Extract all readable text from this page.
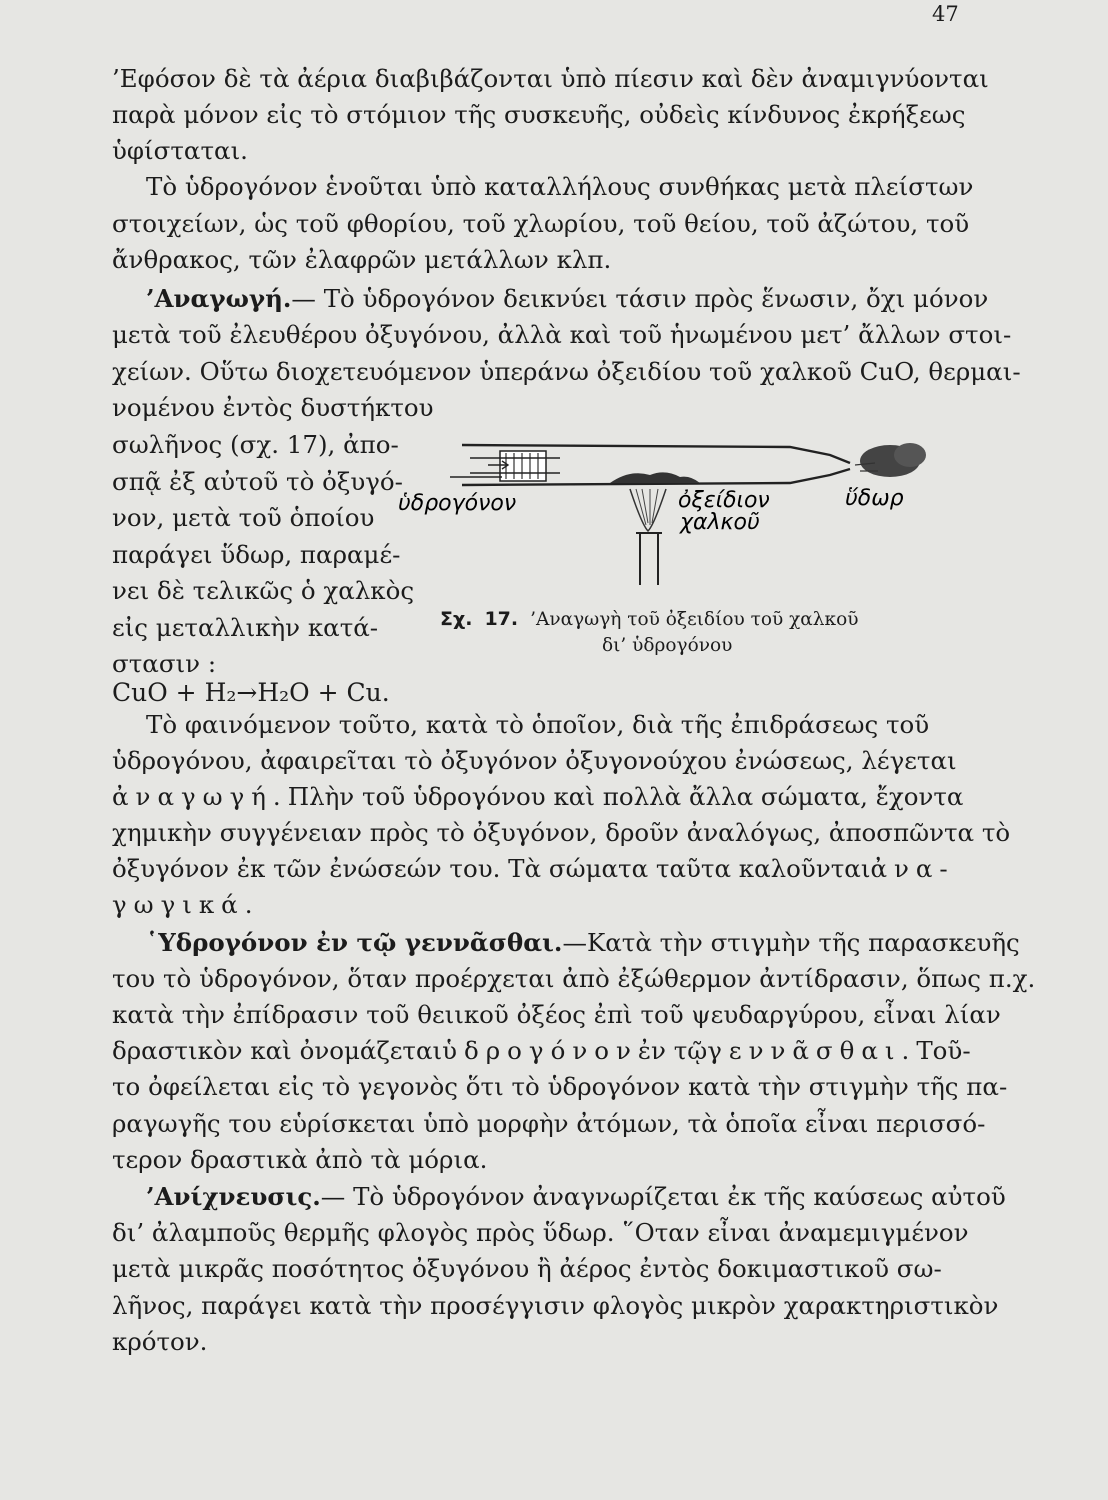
47
’Εφόσον δὲ τὰ ἀέρια διαβιβάζονται ὑπὸ πίεσιν καὶ δὲν ἀναμιγνύονται
παρὰ μόνον εἰς τὸ στόμιον τῆς συσκευῆς, οὐδεὶς κίνδυνος ἐκρήξεως
ὑφίσταται.
Τὸ ὑδρογόνον ἑνοῦται ὑπὸ καταλλήλους συνθήκας μετὰ πλείστων
στοιχείων, ὡς τοῦ φθορίου, τοῦ χλωρίου, τοῦ θείου, τοῦ ἀζώτου, τοῦ
ἄνθρακος, τῶν ἐλαφρῶν μετάλλων κλπ.
’Αναγωγή.— Τὸ ὑδρογόνον δεικνύει τάσιν πρὸς ἕνωσιν, ὄχι μόνον
μετὰ τοῦ ἐλευθέρου ὀξυγόνου, ἀλλὰ καὶ τοῦ ἡνωμένου μετ’ ἄλλων στοι-
χείων. Οὕτω διοχετευόμενον ὑπεράνω ὀξειδίου τοῦ χαλκοῦ CuO, θερμαι-
νομένου ἐντὸς δυστήκτου
σωλῆνος (σχ. 17), ἀπο-
σπᾷ ἐξ αὐτοῦ τὸ ὀξυγό-
νον, μετὰ τοῦ ὁποίου
παράγει ὕδωρ, παραμέ-
νει δὲ τελικῶς ὁ χαλκὸς
εἰς μεταλλικὴν κατά-
στασιν :
CuO + H₂→H₂O + Cu.
Τὸ φαινόμενον τοῦτο, κατὰ τὸ ὁποῖον, διὰ τῆς ἐπιδράσεως τοῦ
ὑδρογόνου, ἀφαιρεῖται τὸ ὀξυγόνον ὀξυγονούχου ἐνώσεως, λέγεται
ἀναγωγή. Πλὴν τοῦ ὑδρογόνου καὶ πολλὰ ἄλλα σώματα, ἔχοντα
χημικὴν συγγένειαν πρὸς τὸ ὀξυγόνον, δροῦν ἀναλόγως, ἀποσπῶντα τὸ
ὀξυγόνον ἐκ τῶν ἐνώσεών του. Τὰ σώματα ταῦτα καλοῦνται ἀνα-
γωγικά.
῾Υδρογόνον ἐν τῷ γεννᾶσθαι.—Κατὰ τὴν στιγμὴν τῆς παρασκευῆς
του τὸ ὑδρογόνον, ὅταν προέρχεται ἀπὸ ἐξώθερμον ἀντίδρασιν, ὅπως π.χ.
κατὰ τὴν ἐπίδρασιν τοῦ θειικοῦ ὀξέος ἐπὶ τοῦ ψευδαργύρου, εἶναι λίαν
δραστικὸν καὶ ὀνομάζεται ὑδρογόνον ἐν τῷ γεννᾶσθαι. Τοῦ-
το ὀφείλεται εἰς τὸ γεγονὸς ὅτι τὸ ὑδρογόνον κατὰ τὴν στιγμὴν τῆς πα-
ραγωγῆς του εὑρίσκεται ὑπὸ μορφὴν ἀτόμων, τὰ ὁποῖα εἶναι περισσό-
τερον δραστικὰ ἀπὸ τὰ μόρια.
’Ανίχνευσις.— Τὸ ὑδρογόνον ἀναγνωρίζεται ἐκ τῆς καύσεως αὐτοῦ
δι’ ἀλαμποῦς θερμῆς φλογὸς πρὸς ὕδωρ. ῞Οταν εἶναι ἀναμεμιγμένον
μετὰ μικρᾶς ποσότητος ὀξυγόνου ἢ ἀέρος ἐντὸς δοκιμαστικοῦ σω-
λῆνος, παράγει κατὰ τὴν προσέγγισιν φλογὸς μικρὸν χαρακτηριστικὸν
κρότον.
ὑδρογόνον	ὀξείδιον
χαλκοῦ
ὕδωρ
Σχ. 17. ’Αναγωγὴ τοῦ ὀξειδίου τοῦ χαλκοῦ
δι’ ὑδρογόνου
